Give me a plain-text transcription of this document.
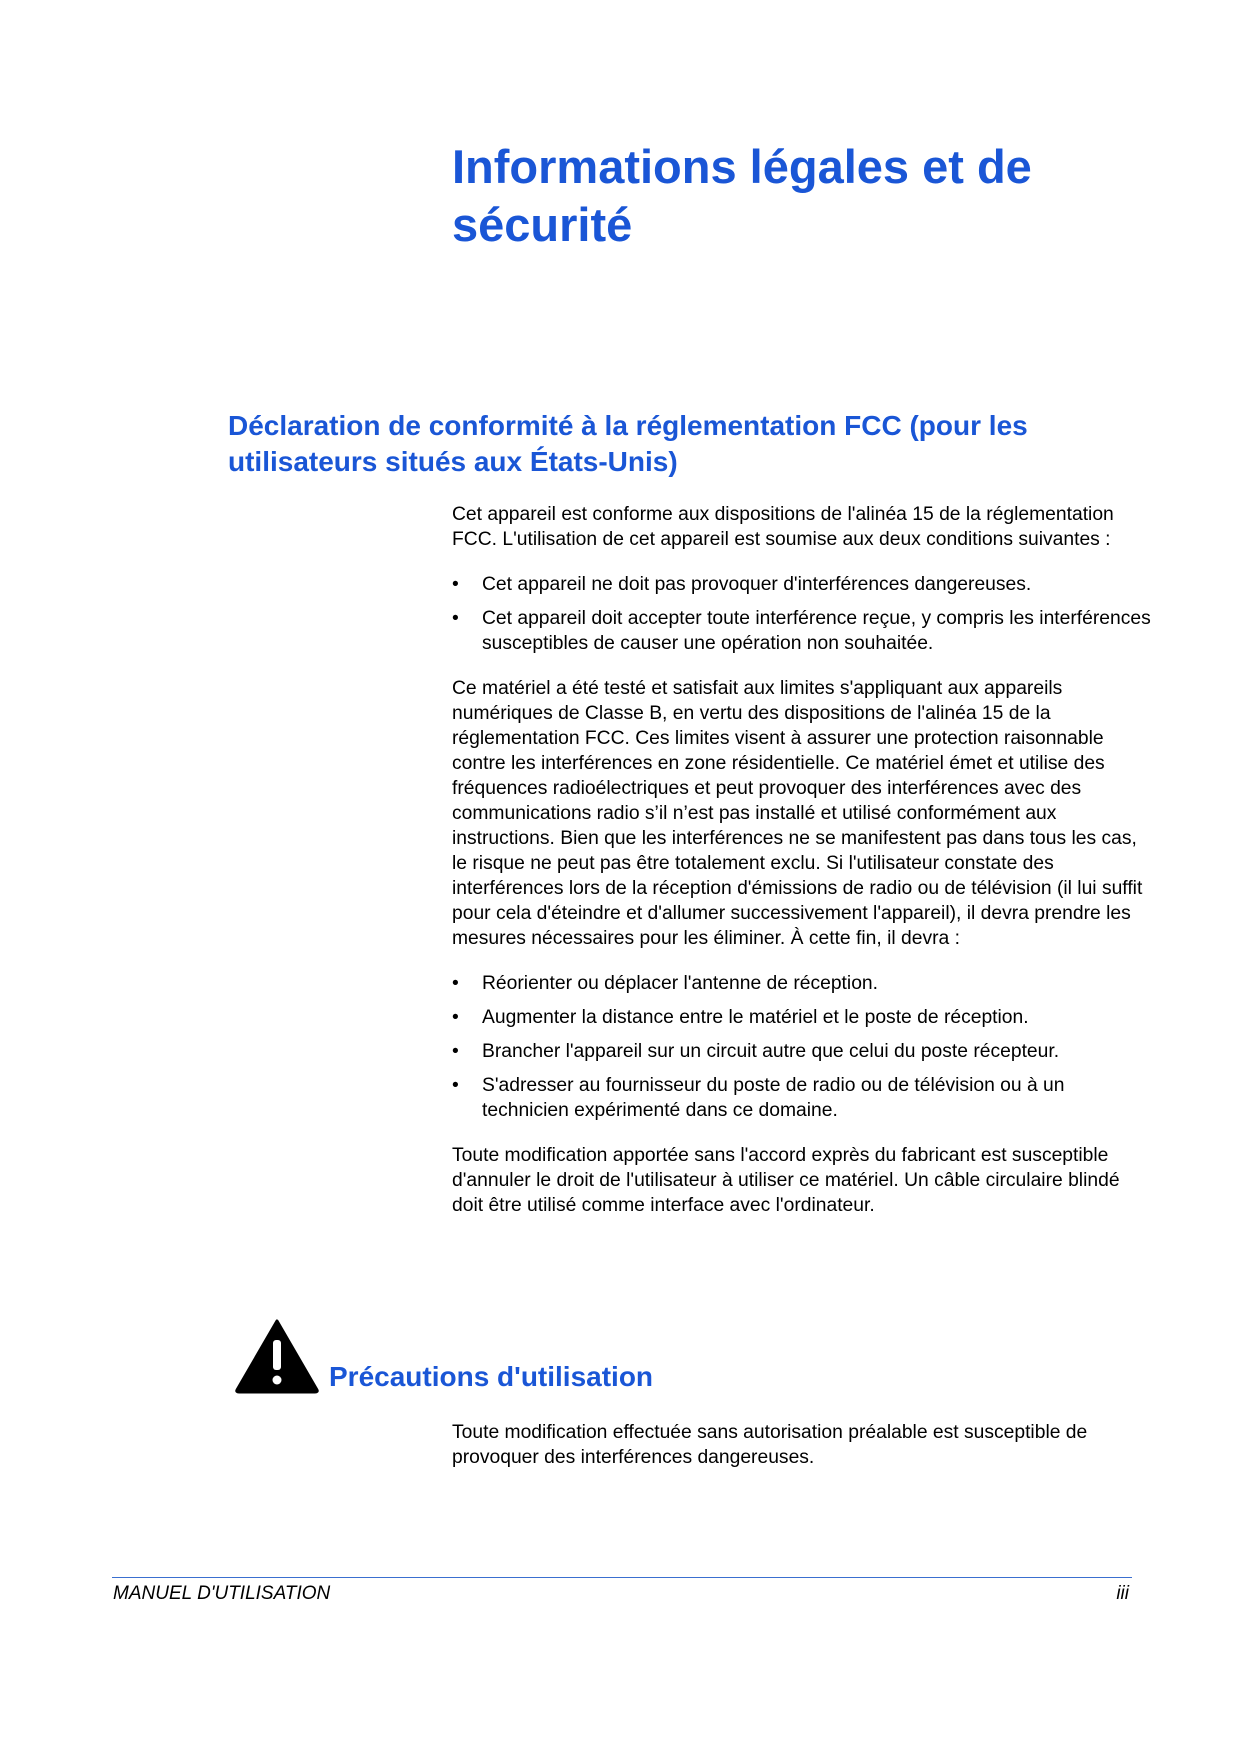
Informations légales et de sécurité
Déclaration de conformité à la réglementation FCC (pour les utilisateurs situés aux États-Unis)

Cet appareil est conforme aux dispositions de l'alinéa 15 de la réglementation FCC. L'utilisation de cet appareil est soumise aux deux conditions suivantes :

• Cet appareil ne doit pas provoquer d'interférences dangereuses.
• Cet appareil doit accepter toute interférence reçue, y compris les interférences susceptibles de causer une opération non souhaitée.

Ce matériel a été testé et satisfait aux limites s'appliquant aux appareils numériques de Classe B, en vertu des dispositions de l'alinéa 15 de la réglementation FCC. Ces limites visent à assurer une protection raisonnable contre les interférences en zone résidentielle. Ce matériel émet et utilise des fréquences radioélectriques et peut provoquer des interférences avec des communications radio s’il n’est pas installé et utilisé conformément aux instructions. Bien que les interférences ne se manifestent pas dans tous les cas, le risque ne peut pas être totalement exclu. Si l'utilisateur constate des interférences lors de la réception d'émissions de radio ou de télévision (il lui suffit pour cela d'éteindre et d'allumer successivement l'appareil), il devra prendre les mesures nécessaires pour les éliminer. À cette fin, il devra :

• Réorienter ou déplacer l'antenne de réception.
• Augmenter la distance entre le matériel et le poste de réception.
• Brancher l'appareil sur un circuit autre que celui du poste récepteur.
• S'adresser au fournisseur du poste de radio ou de télévision ou à un technicien expérimenté dans ce domaine.

Toute modification apportée sans l'accord exprès du fabricant est susceptible d'annuler le droit de l'utilisateur à utiliser ce matériel. Un câble circulaire blindé doit être utilisé comme interface avec l'ordinateur.

Précautions d'utilisation

Toute modification effectuée sans autorisation préalable est susceptible de provoquer des interférences dangereuses.

MANUEL D'UTILISATION	iii
